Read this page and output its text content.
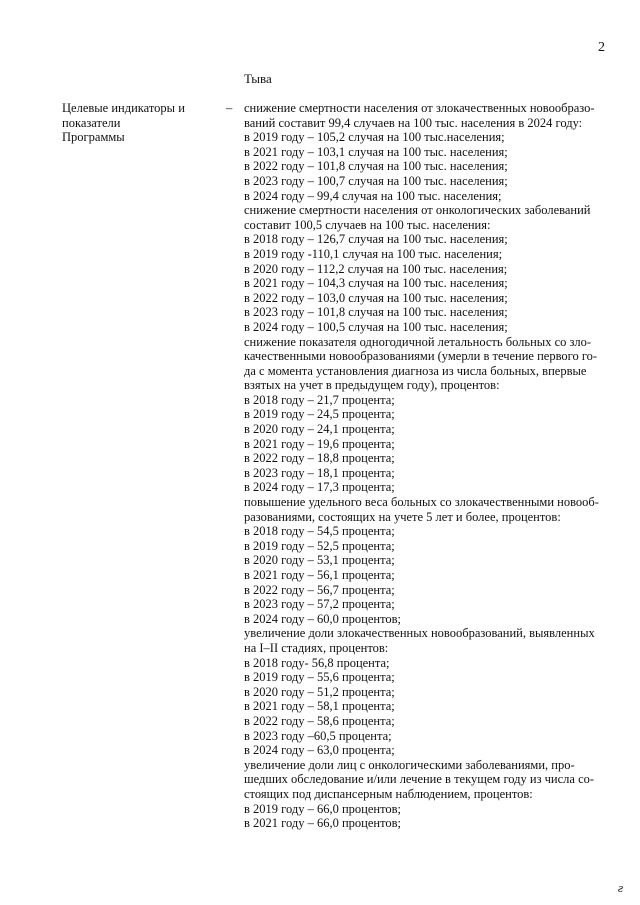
2
Тыва
Целевые индикаторы и
показатели
Программы
– снижение смертности населения от злокачественных новообразо-

ваний составит 99,4 случаев на 100 тыс. населения в 2024 году:

в 2019 году – 105,2 случая на 100 тыс.населения;

в 2021 году – 103,1 случая на 100 тыс. населения;

в 2022 году – 101,8 случая на 100 тыс. населения;

в 2023 году – 100,7 случая на 100 тыс. населения;

в 2024 году – 99,4 случая на 100 тыс. населения;

снижение смертности населения от онкологических заболеваний

составит 100,5 случаев на 100 тыс. населения:

в 2018 году – 126,7 случая на 100 тыс. населения;

в 2019 году -110,1 случая на 100 тыс. населения;

в 2020 году – 112,2 случая на 100 тыс. населения;

в 2021 году – 104,3 случая на 100 тыс. населения;

в 2022 году – 103,0 случая на 100 тыс. населения;

в 2023 году – 101,8 случая на 100 тыс. населения;

в 2024 году – 100,5 случая на 100 тыс. населения;

снижение показателя одногодичной летальность больных со зло-

качественными новообразованиями (умерли в течение первого го-

да с момента установления диагноза из числа больных, впервые

взятых на учет в предыдущем году), процентов:

в 2018 году – 21,7 процента;

в 2019 году – 24,5 процента;

в 2020 году – 24,1 процента;

в 2021 году – 19,6 процента;

в 2022 году – 18,8 процента;

в 2023 году – 18,1 процента;

в 2024 году – 17,3 процента;

повышение удельного веса больных со злокачественными новооб-

разованиями, состоящих на учете 5 лет и более, процентов:

в 2018 году – 54,5 процента;

в 2019 году – 52,5 процента;

в 2020 году – 53,1 процента;

в 2021 году – 56,1 процента;

в 2022 году – 56,7 процента;

в 2023 году – 57,2 процента;

в 2024 году – 60,0 процентов;

увеличение доли злокачественных новообразований, выявленных

на I–II стадиях, процентов:

в 2018 году- 56,8 процента;

в 2019 году – 55,6 процента;

в 2020 году – 51,2 процента;

в 2021 году – 58,1 процента;

в 2022 году – 58,6 процента;

в 2023 году –60,5 процента;

в 2024 году – 63,0 процента;

увеличение доли лиц с онкологическими заболеваниями, про-

шедших обследование и/или лечение в текущем году из числа со-

стоящих под диспансерным наблюдением, процентов:

в 2019 году – 66,0 процентов;

в 2021 году – 66,0 процентов;

ƨ
